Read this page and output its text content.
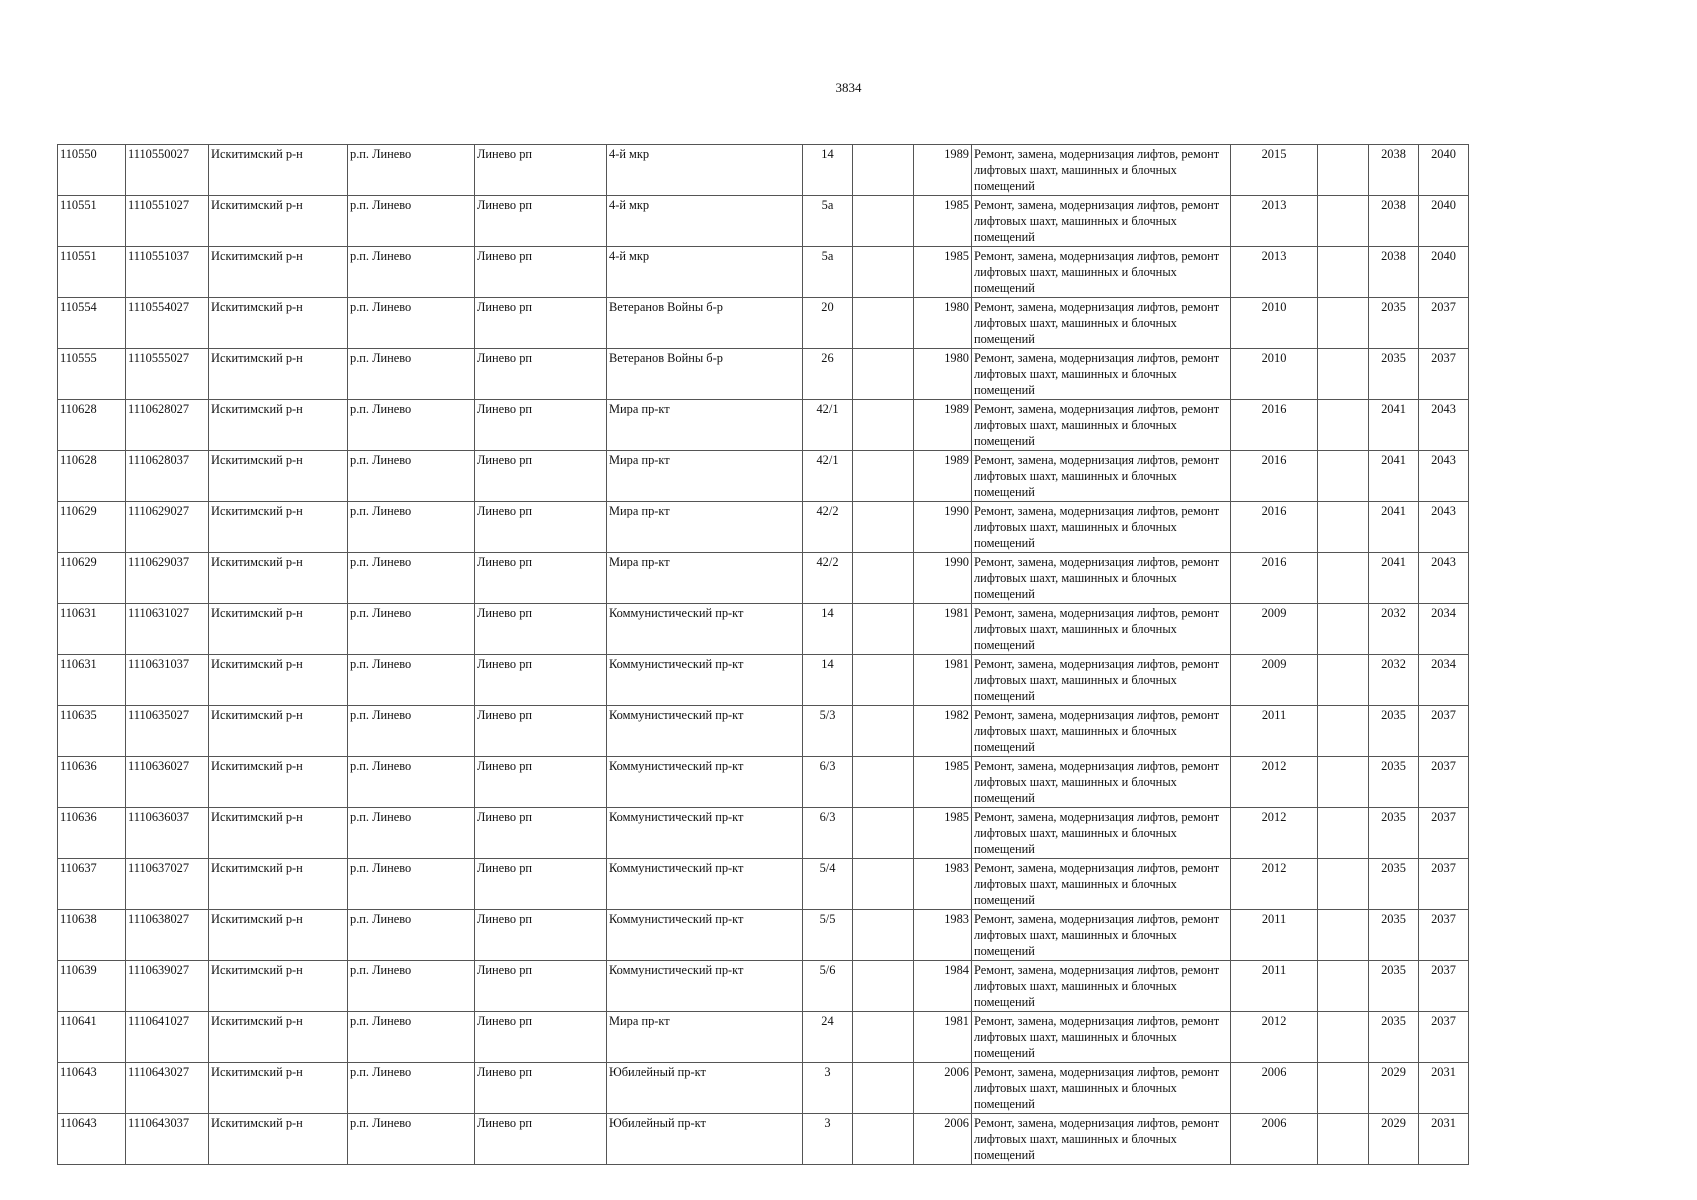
3834
110550	1110550027	Искитимский р-н	р.п. Линево	Линево рп	4-й мкр	14		1989	Ремонт, замена, модернизация лифтов, ремонт лифтовых шахт, машинных и блочных помещений	2015		2038	2040
110551	1110551027	Искитимский р-н	р.п. Линево	Линево рп	4-й мкр	5а		1985	Ремонт, замена, модернизация лифтов, ремонт лифтовых шахт, машинных и блочных помещений	2013		2038	2040
110551	1110551037	Искитимский р-н	р.п. Линево	Линево рп	4-й мкр	5а		1985	Ремонт, замена, модернизация лифтов, ремонт лифтовых шахт, машинных и блочных помещений	2013		2038	2040
110554	1110554027	Искитимский р-н	р.п. Линево	Линево рп	Ветеранов Войны б-р	20		1980	Ремонт, замена, модернизация лифтов, ремонт лифтовых шахт, машинных и блочных помещений	2010		2035	2037
110555	1110555027	Искитимский р-н	р.п. Линево	Линево рп	Ветеранов Войны б-р	26		1980	Ремонт, замена, модернизация лифтов, ремонт лифтовых шахт, машинных и блочных помещений	2010		2035	2037
110628	1110628027	Искитимский р-н	р.п. Линево	Линево рп	Мира пр-кт	42/1		1989	Ремонт, замена, модернизация лифтов, ремонт лифтовых шахт, машинных и блочных помещений	2016		2041	2043
110628	1110628037	Искитимский р-н	р.п. Линево	Линево рп	Мира пр-кт	42/1		1989	Ремонт, замена, модернизация лифтов, ремонт лифтовых шахт, машинных и блочных помещений	2016		2041	2043
110629	1110629027	Искитимский р-н	р.п. Линево	Линево рп	Мира пр-кт	42/2		1990	Ремонт, замена, модернизация лифтов, ремонт лифтовых шахт, машинных и блочных помещений	2016		2041	2043
110629	1110629037	Искитимский р-н	р.п. Линево	Линево рп	Мира пр-кт	42/2		1990	Ремонт, замена, модернизация лифтов, ремонт лифтовых шахт, машинных и блочных помещений	2016		2041	2043
110631	1110631027	Искитимский р-н	р.п. Линево	Линево рп	Коммунистический пр-кт	14		1981	Ремонт, замена, модернизация лифтов, ремонт лифтовых шахт, машинных и блочных помещений	2009		2032	2034
110631	1110631037	Искитимский р-н	р.п. Линево	Линево рп	Коммунистический пр-кт	14		1981	Ремонт, замена, модернизация лифтов, ремонт лифтовых шахт, машинных и блочных помещений	2009		2032	2034
110635	1110635027	Искитимский р-н	р.п. Линево	Линево рп	Коммунистический пр-кт	5/3		1982	Ремонт, замена, модернизация лифтов, ремонт лифтовых шахт, машинных и блочных помещений	2011		2035	2037
110636	1110636027	Искитимский р-н	р.п. Линево	Линево рп	Коммунистический пр-кт	6/3		1985	Ремонт, замена, модернизация лифтов, ремонт лифтовых шахт, машинных и блочных помещений	2012		2035	2037
110636	1110636037	Искитимский р-н	р.п. Линево	Линево рп	Коммунистический пр-кт	6/3		1985	Ремонт, замена, модернизация лифтов, ремонт лифтовых шахт, машинных и блочных помещений	2012		2035	2037
110637	1110637027	Искитимский р-н	р.п. Линево	Линево рп	Коммунистический пр-кт	5/4		1983	Ремонт, замена, модернизация лифтов, ремонт лифтовых шахт, машинных и блочных помещений	2012		2035	2037
110638	1110638027	Искитимский р-н	р.п. Линево	Линево рп	Коммунистический пр-кт	5/5		1983	Ремонт, замена, модернизация лифтов, ремонт лифтовых шахт, машинных и блочных помещений	2011		2035	2037
110639	1110639027	Искитимский р-н	р.п. Линево	Линево рп	Коммунистический пр-кт	5/6		1984	Ремонт, замена, модернизация лифтов, ремонт лифтовых шахт, машинных и блочных помещений	2011		2035	2037
110641	1110641027	Искитимский р-н	р.п. Линево	Линево рп	Мира пр-кт	24		1981	Ремонт, замена, модернизация лифтов, ремонт лифтовых шахт, машинных и блочных помещений	2012		2035	2037
110643	1110643027	Искитимский р-н	р.п. Линево	Линево рп	Юбилейный пр-кт	3		2006	Ремонт, замена, модернизация лифтов, ремонт лифтовых шахт, машинных и блочных помещений	2006		2029	2031
110643	1110643037	Искитимский р-н	р.п. Линево	Линево рп	Юбилейный пр-кт	3		2006	Ремонт, замена, модернизация лифтов, ремонт лифтовых шахт, машинных и блочных помещений	2006		2029	2031
